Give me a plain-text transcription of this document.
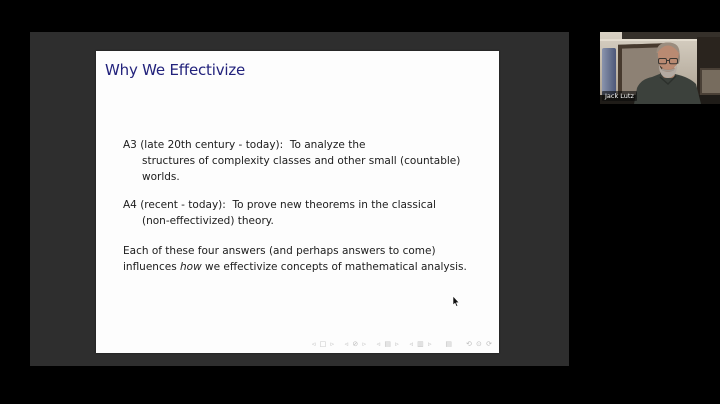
Why We Effectivize
A3 (late 20th century - today):  To analyze the
structures of complexity classes and other small (countable)
worlds.
A4 (recent - today):  To prove new theorems in the classical
(non-effectivized) theory.
Each of these four answers (and perhaps answers to come)
influences how we effectivize concepts of mathematical analysis.
◃ □ ▹   ◃ ⊘ ▹   ◃ ▤ ▹   ◃ ▥ ▹    ▤    ⟲ ⊙ ⟳
Jack Lutz
